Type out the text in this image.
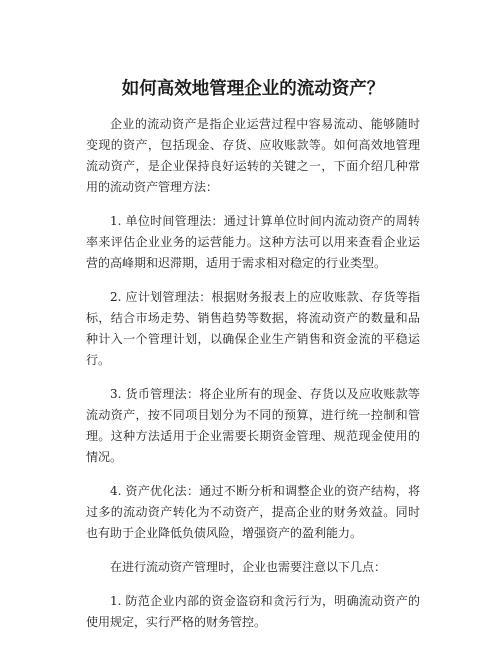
如何高效地管理企业的流动资产？

企业的流动资产是指企业运营过程中容易流动、能够随时变现的资产，包括现金、存货、应收账款等。如何高效地管理流动资产，是企业保持良好运转的关键之一，下面介绍几种常用的流动资产管理方法：

1. 单位时间管理法：通过计算单位时间内流动资产的周转率来评估企业业务的运营能力。这种方法可以用来查看企业运营的高峰期和迟滞期，适用于需求相对稳定的行业类型。

2. 应计划管理法：根据财务报表上的应收账款、存货等指标，结合市场走势、销售趋势等数据，将流动资产的数量和品种计入一个管理计划，以确保企业生产销售和资金流的平稳运行。

3. 货币管理法：将企业所有的现金、存货以及应收账款等流动资产，按不同项目划分为不同的预算，进行统一控制和管理。这种方法适用于企业需要长期资金管理、规范现金使用的情况。

4. 资产优化法：通过不断分析和调整企业的资产结构，将过多的流动资产转化为不动资产，提高企业的财务效益。同时也有助于企业降低负债风险，增强资产的盈利能力。

在进行流动资产管理时，企业也需要注意以下几点：

1. 防范企业内部的资金盗窃和贪污行为，明确流动资产的使用规定，实行严格的财务管控。
